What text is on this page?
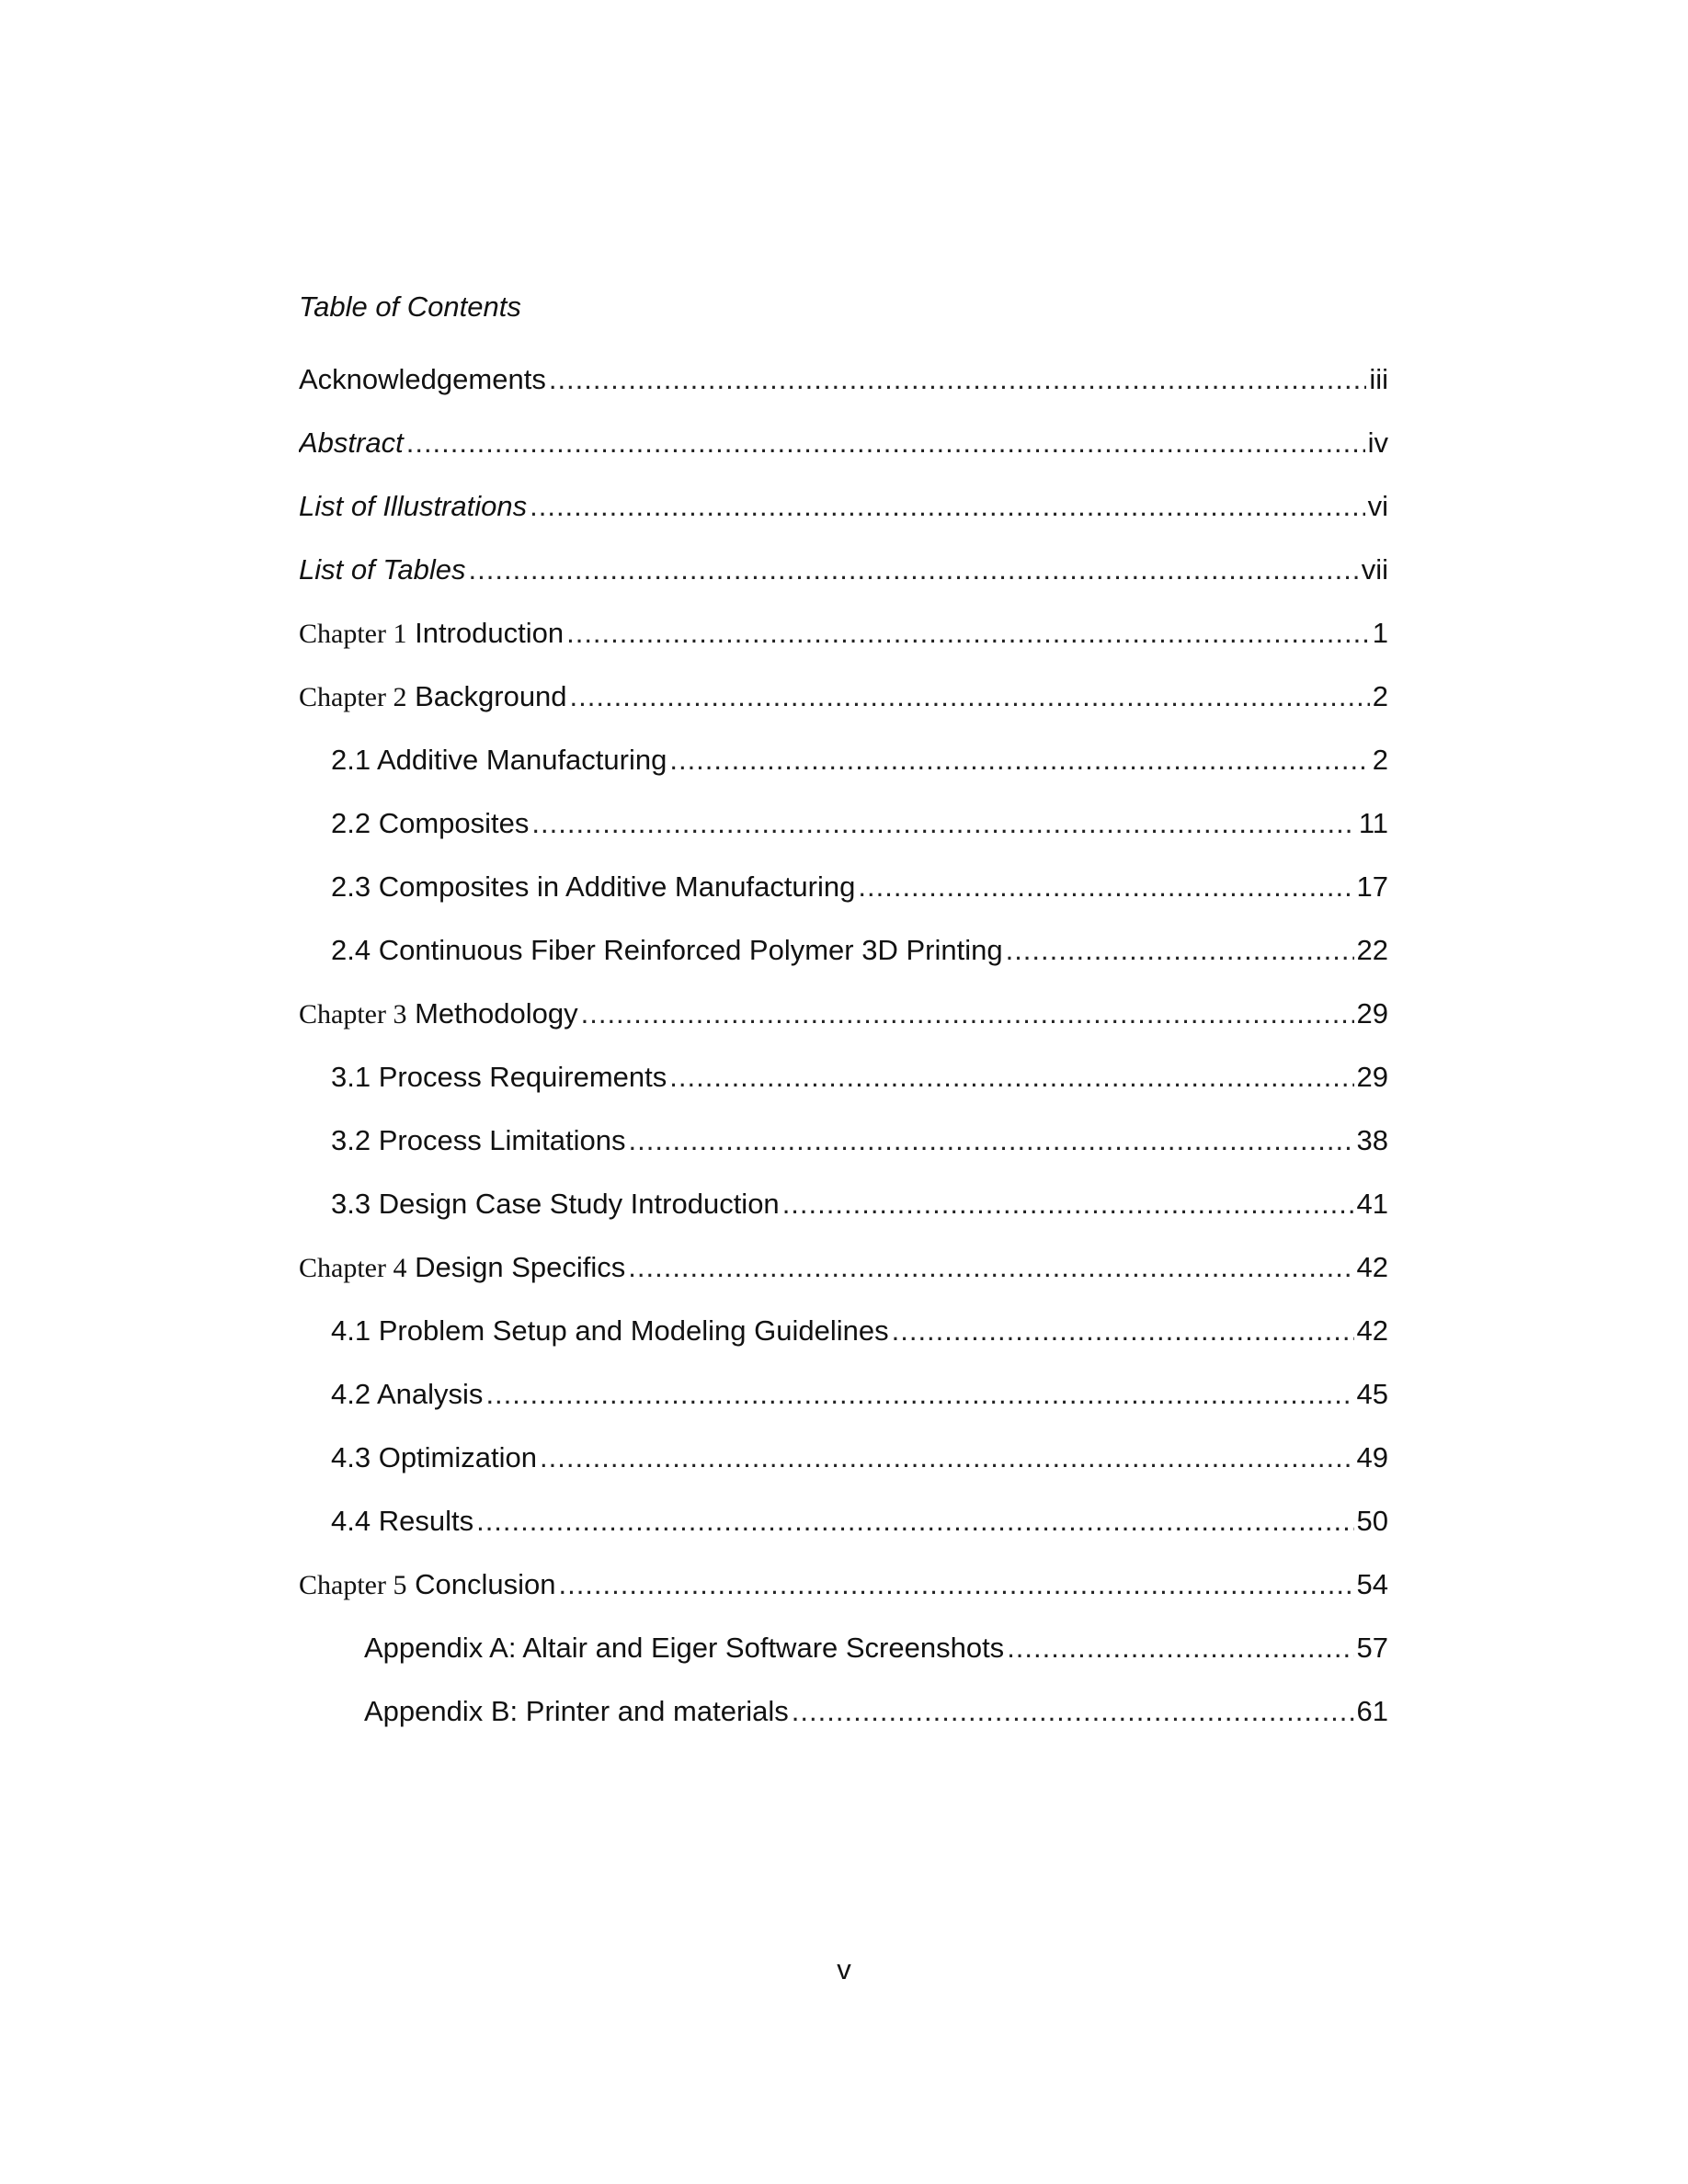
Table of Contents
Acknowledgements .....	iii
Abstract .....	iv
List of Illustrations .....	vi
List of Tables .....	vii
Chapter 1 Introduction .....	1
Chapter 2 Background .....	2
2.1 Additive Manufacturing .....	2
2.2 Composites .....	11
2.3 Composites in Additive Manufacturing .....	17
2.4 Continuous Fiber Reinforced Polymer 3D Printing .....	22
Chapter 3 Methodology .....	29
3.1 Process Requirements .....	29
3.2 Process Limitations .....	38
3.3 Design Case Study Introduction .....	41
Chapter 4 Design Specifics .....	42
4.1 Problem Setup and Modeling Guidelines .....	42
4.2 Analysis .....	45
4.3 Optimization .....	49
4.4 Results .....	50
Chapter 5 Conclusion .....	54
Appendix A: Altair and Eiger Software Screenshots .....	57
Appendix B: Printer and materials .....	61
v
